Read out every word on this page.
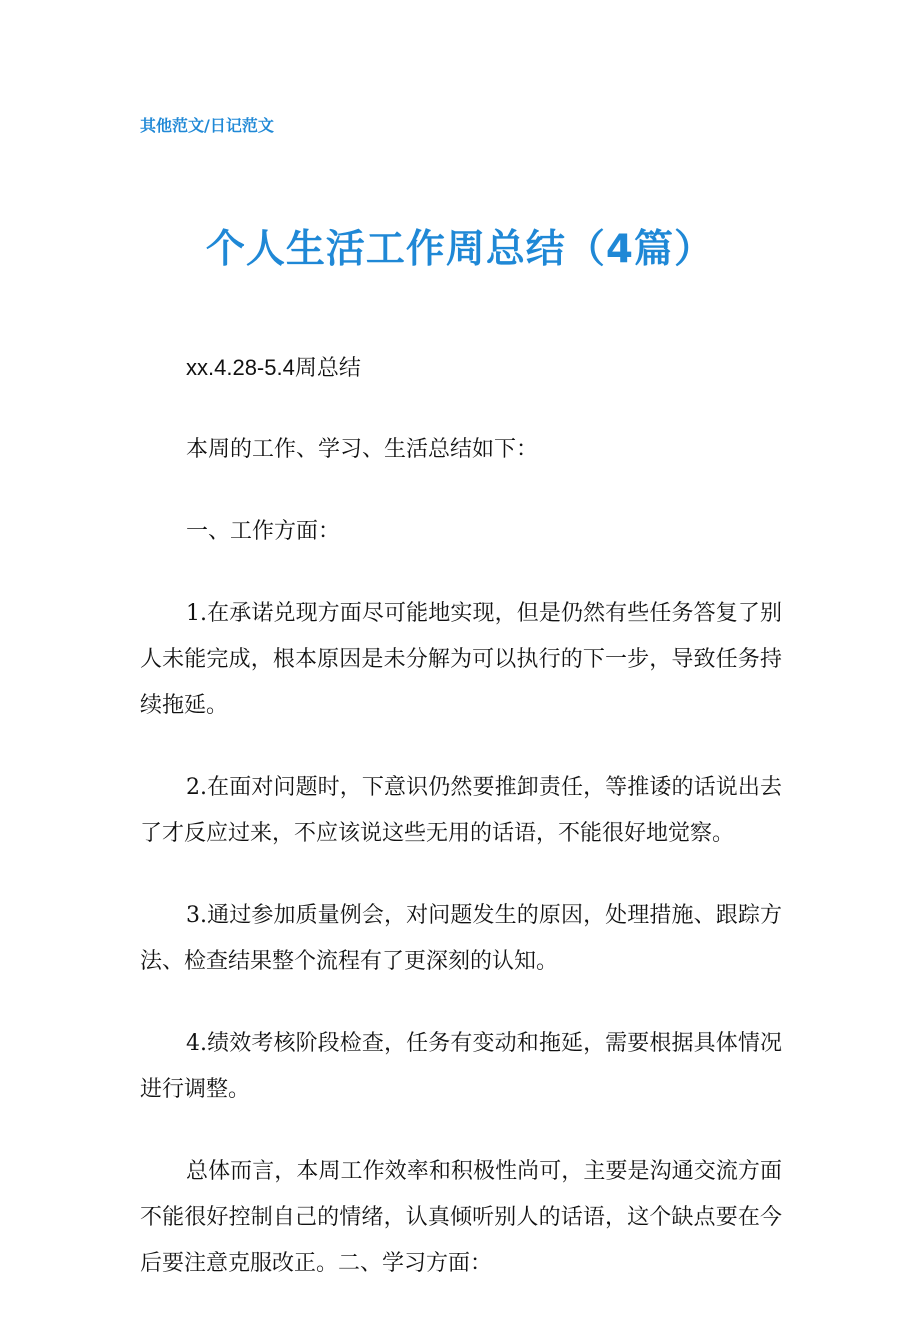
其他范文/日记范文
个人生活工作周总结（4篇）

xx.4.28-5.4周总结

本周的工作、学习、生活总结如下：

一、工作方面：

1.在承诺兑现方面尽可能地实现，但是仍然有些任务答复了别人未能完成，根本原因是未分解为可以执行的下一步，导致任务持续拖延。

2.在面对问题时，下意识仍然要推卸责任，等推诿的话说出去了才反应过来，不应该说这些无用的话语，不能很好地觉察。

3.通过参加质量例会，对问题发生的原因，处理措施、跟踪方法、检查结果整个流程有了更深刻的认知。

4.绩效考核阶段检查，任务有变动和拖延，需要根据具体情况进行调整。

总体而言，本周工作效率和积极性尚可，主要是沟通交流方面不能很好控制自己的情绪，认真倾听别人的话语，这个缺点要在今后要注意克服改正。二、学习方面：
